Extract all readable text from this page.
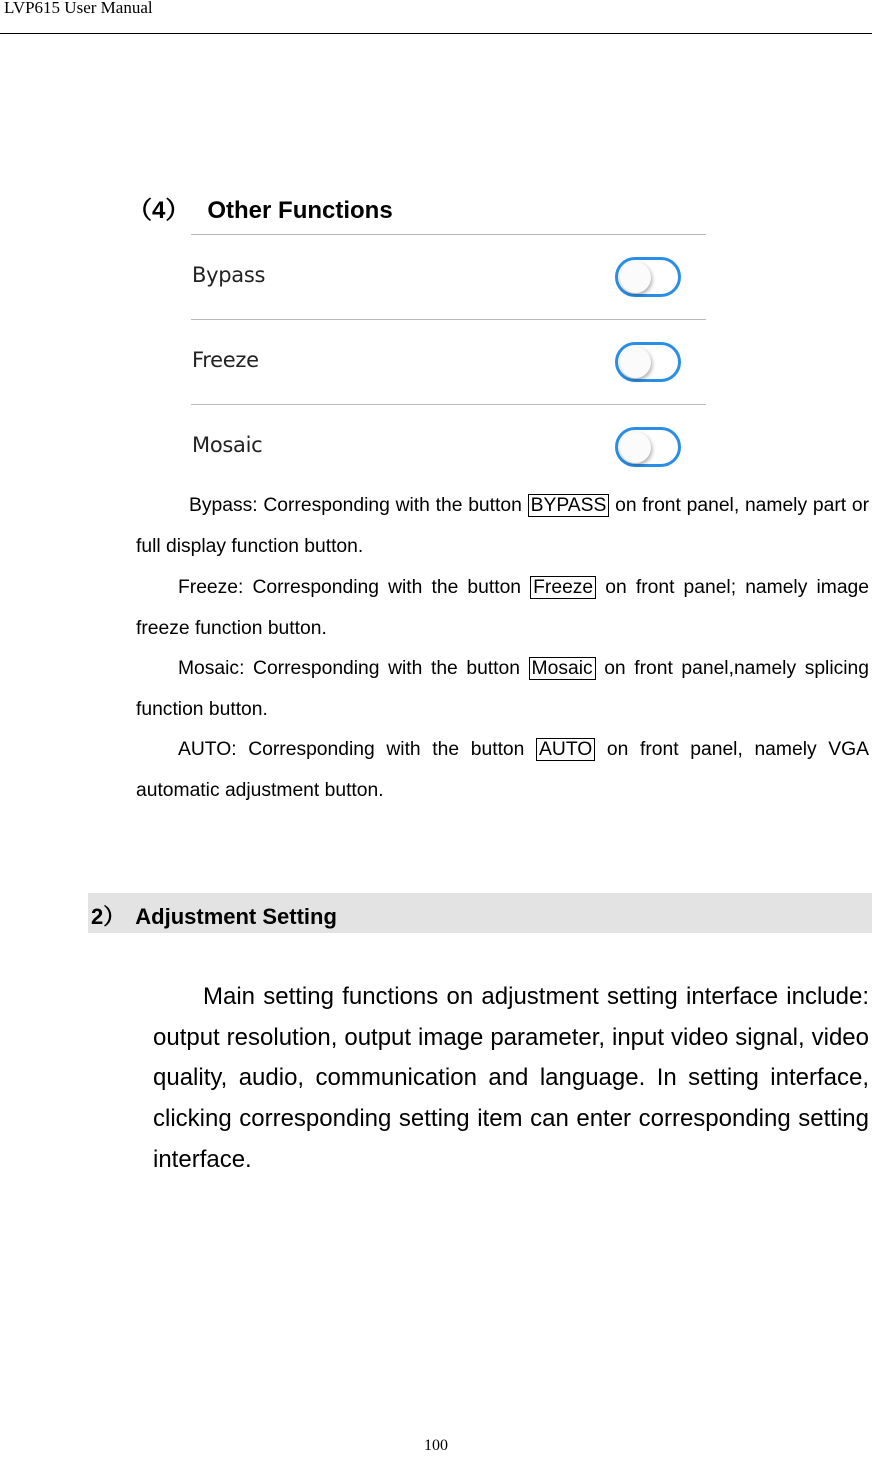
LVP615 User Manual
（4） Other Functions
Bypass
Freeze
Mosaic
Bypass: Corresponding with the button BYPASS on front panel, namely part or full display function button.
Freeze: Corresponding with the button Freeze on front panel; namely image freeze function button.
Mosaic: Corresponding with the button Mosaic on front panel,namely splicing function button.
AUTO: Corresponding with the button AUTO on front panel, namely VGA automatic adjustment button.
2） Adjustment Setting
Main setting functions on adjustment setting interface include: output resolution, output image parameter, input video signal, video quality, audio, communication and language. In setting interface, clicking corresponding setting item can enter corresponding setting interface.
100
